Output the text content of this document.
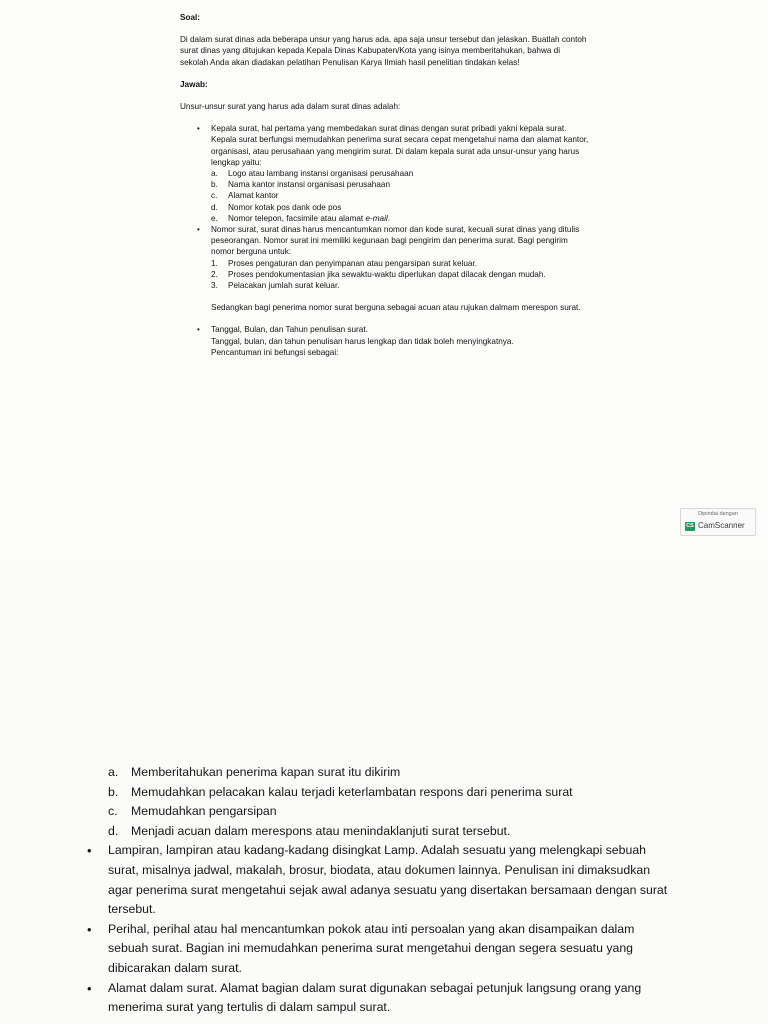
Soal:

Di dalam surat dinas ada beberapa unsur yang harus ada, apa saja unsur tersebut dan jelaskan. Buatlah contoh surat dinas yang ditujukan kepada Kepala Dinas Kabupaten/Kota yang isinya memberitahukan, bahwa di sekolah Anda akan diadakan pelatihan Penulisan Karya Ilmiah hasil penelitian tindakan kelas!

Jawab:

Unsur-unsur surat yang harus ada dalam surat dinas adalah:

• Kepala surat, hal pertama yang membedakan surat dinas dengan surat pribadi yakni kepala surat. Kepala surat berfungsi memudahkan penerima surat secara cepat mengetahui nama dan alamat kantor, organisasi, atau perusahaan yang mengirim surat. Di dalam kepala surat ada unsur-unsur yang harus lengkap yaitu:
a. Logo atau lambang instansi organisasi perusahaan
b. Nama kantor instansi organisasi perusahaan
c. Alamat kantor
d. Nomor kotak pos dank ode pos
e. Nomor telepon, facsimile atau alamat e-mail.
• Nomor surat, surat dinas harus mencantumkan nomor dan kode surat, kecuali surat dinas yang ditulis peseorangan. Nomor surat ini memiliki kegunaan bagi pengirim dan penerima surat. Bagi pengirim nomor berguna untuk:
1. Proses pengaturan dan penyimpanan atau pengarsipan surat keluar.
2. Proses pendokumentasian jika sewaktu-waktu diperlukan dapat dilacak dengan mudah.
3. Pelacakan jumlah surat keluar.

Sedangkan bagi penerima nomor surat berguna sebagai acuan atau rujukan dalmam merespon surat.

• Tanggal, Bulan, dan Tahun penulisan surat.

Tanggal, bulan, dan tahun penulisan harus lengkap dan tidak boleh menyingkatnya.

Pencantuman ini befungsi sebagai:

Dipindai dengan
CS CamScanner
a. Memberitahukan penerima kapan surat itu dikirim
b. Memudahkan pelacakan kalau terjadi keterlambatan respons dari penerima surat
c. Memudahkan pengarsipan
d. Menjadi acuan dalam merespons atau menindaklanjuti surat tersebut.
• Lampiran, lampiran atau kadang-kadang disingkat Lamp. Adalah sesuatu yang melengkapi sebuah surat, misalnya jadwal, makalah, brosur, biodata, atau dokumen lainnya. Penulisan ini dimaksudkan agar penerima surat mengetahui sejak awal adanya sesuatu yang disertakan bersamaan dengan surat tersebut.
• Perihal, perihal atau hal mencantumkan pokok atau inti persoalan yang akan disampaikan dalam sebuah surat. Bagian ini memudahkan penerima surat mengetahui dengan segera sesuatu yang dibicarakan dalam surat.
• Alamat dalam surat. Alamat bagian dalam surat digunakan sebagai petunjuk langsung orang yang menerima surat yang tertulis di dalam sampul surat.
